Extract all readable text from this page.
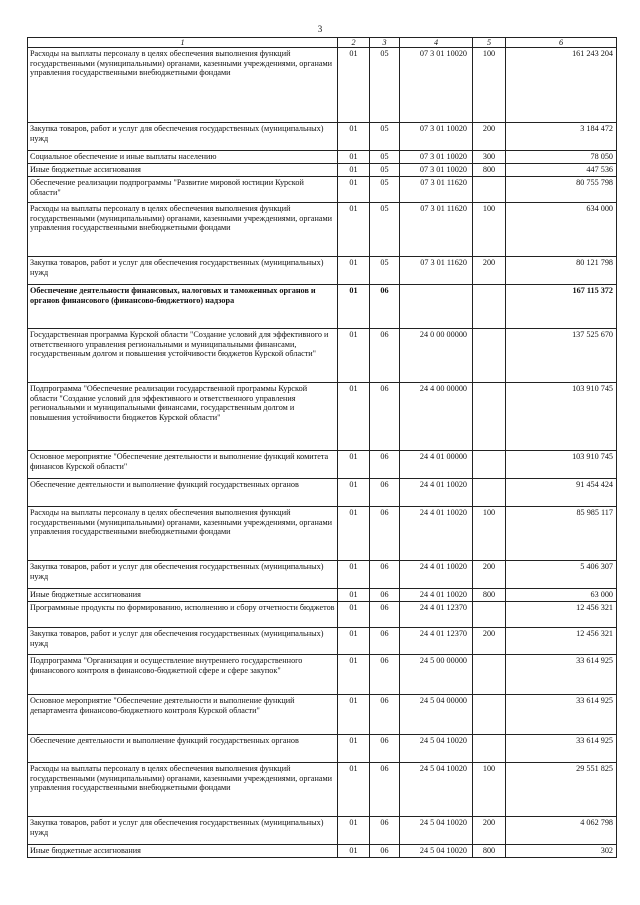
3
1	2	3	4	5	6
Расходы на выплаты персоналу в целях обеспечения выполнения функций государственными (муниципальными) органами, казенными учреждениями, органами управления государственными внебюджетными фондами	01	05	07 3 01 10020	100	161 243 204
Закупка товаров, работ и услуг для обеспечения государственных (муниципальных) нужд	01	05	07 3 01 10020	200	3 184 472
Социальное обеспечение и иные выплаты населению	01	05	07 3 01 10020	300	78 050
Иные бюджетные ассигнования	01	05	07 3 01 10020	800	447 536
Обеспечение реализации подпрограммы "Развитие мировой юстиции Курской области"	01	05	07 3 01 11620		80 755 798
Расходы на выплаты персоналу в целях обеспечения выполнения функций государственными (муниципальными) органами, казенными учреждениями, органами управления государственными внебюджетными фондами	01	05	07 3 01 11620	100	634 000
Закупка товаров, работ и услуг для обеспечения государственных (муниципальных) нужд	01	05	07 3 01 11620	200	80 121 798
Обеспечение деятельности финансовых, налоговых и таможенных органов и органов финансового (финансово-бюджетного) надзора	01	06			167 115 372
Государственная программа Курской области "Создание условий для эффективного и ответственного управления региональными и муниципальными финансами, государственным долгом и повышения устойчивости бюджетов Курской области"	01	06	24 0 00 00000		137 525 670
Подпрограмма "Обеспечение реализации государственной программы Курской области "Создание условий для эффективного и ответственного управления региональными и муниципальными финансами, государственным долгом и повышения устойчивости бюджетов Курской области"	01	06	24 4 00 00000		103 910 745
Основное мероприятие "Обеспечение деятельности и выполнение функций комитета финансов Курской области"	01	06	24 4 01 00000		103 910 745
Обеспечение деятельности и выполнение функций государственных органов	01	06	24 4 01 10020		91 454 424
Расходы на выплаты персоналу в целях обеспечения выполнения функций государственными (муниципальными) органами, казенными учреждениями, органами управления государственными внебюджетными фондами	01	06	24 4 01 10020	100	85 985 117
Закупка товаров, работ и услуг для обеспечения государственных (муниципальных) нужд	01	06	24 4 01 10020	200	5 406 307
Иные бюджетные ассигнования	01	06	24 4 01 10020	800	63 000
Программные продукты по формированию, исполнению и сбору отчетности бюджетов	01	06	24 4 01 12370		12 456 321
Закупка товаров, работ и услуг для обеспечения государственных (муниципальных) нужд	01	06	24 4 01 12370	200	12 456 321
Подпрограмма "Организация и осуществление внутреннего государственного финансового контроля в финансово-бюджетной сфере и сфере закупок"	01	06	24 5 00 00000		33 614 925
Основное мероприятие "Обеспечение деятельности и выполнение функций департамента финансово-бюджетного контроля Курской области"	01	06	24 5 04 00000		33 614 925
Обеспечение деятельности и выполнение функций государственных органов	01	06	24 5 04 10020		33 614 925
Расходы на выплаты персоналу в целях обеспечения выполнения функций государственными (муниципальными) органами, казенными учреждениями, органами управления государственными внебюджетными фондами	01	06	24 5 04 10020	100	29 551 825
Закупка товаров, работ и услуг для обеспечения государственных (муниципальных) нужд	01	06	24 5 04 10020	200	4 062 798
Иные бюджетные ассигнования	01	06	24 5 04 10020	800	302
